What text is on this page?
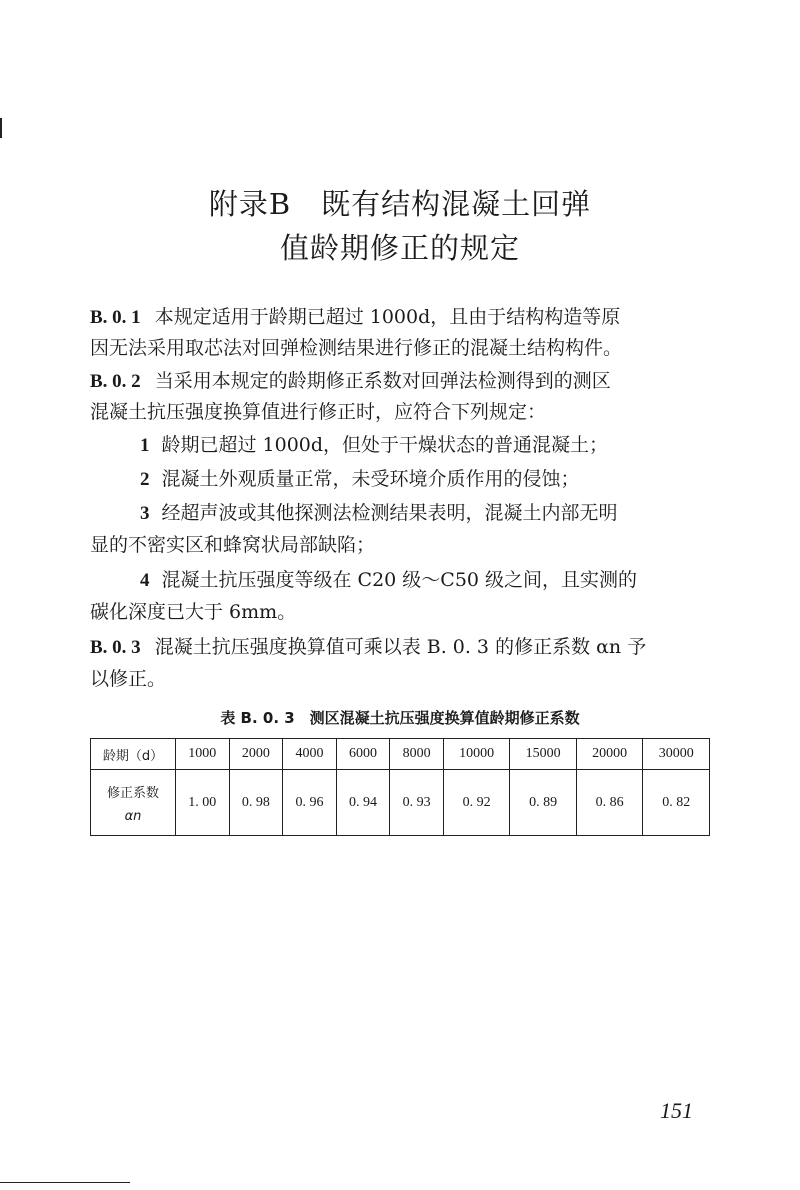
附录B　既有结构混凝土回弹
值龄期修正的规定
B. 0. 1 本规定适用于龄期已超过 1000d，且由于结构构造等原
因无法采用取芯法对回弹检测结果进行修正的混凝土结构构件。
B. 0. 2 当采用本规定的龄期修正系数对回弹法检测得到的测区
混凝土抗压强度换算值进行修正时，应符合下列规定：
1 龄期已超过 1000d，但处于干燥状态的普通混凝土；
2 混凝土外观质量正常，未受环境介质作用的侵蚀；
3 经超声波或其他探测法检测结果表明，混凝土内部无明
显的不密实区和蜂窝状局部缺陷；
4 混凝土抗压强度等级在 C20 级～C50 级之间，且实测的
碳化深度已大于 6mm。
B. 0. 3 混凝土抗压强度换算值可乘以表 B. 0. 3 的修正系数 αn 予
以修正。
表 B. 0. 3　测区混凝土抗压强度换算值龄期修正系数
龄期（d）	1000	2000	4000	6000	8000	10000	15000	20000	30000

修正系数
αn	1. 00	0. 98	0. 96	0. 94	0. 93	0. 92	0. 89	0. 86	0. 82
151
